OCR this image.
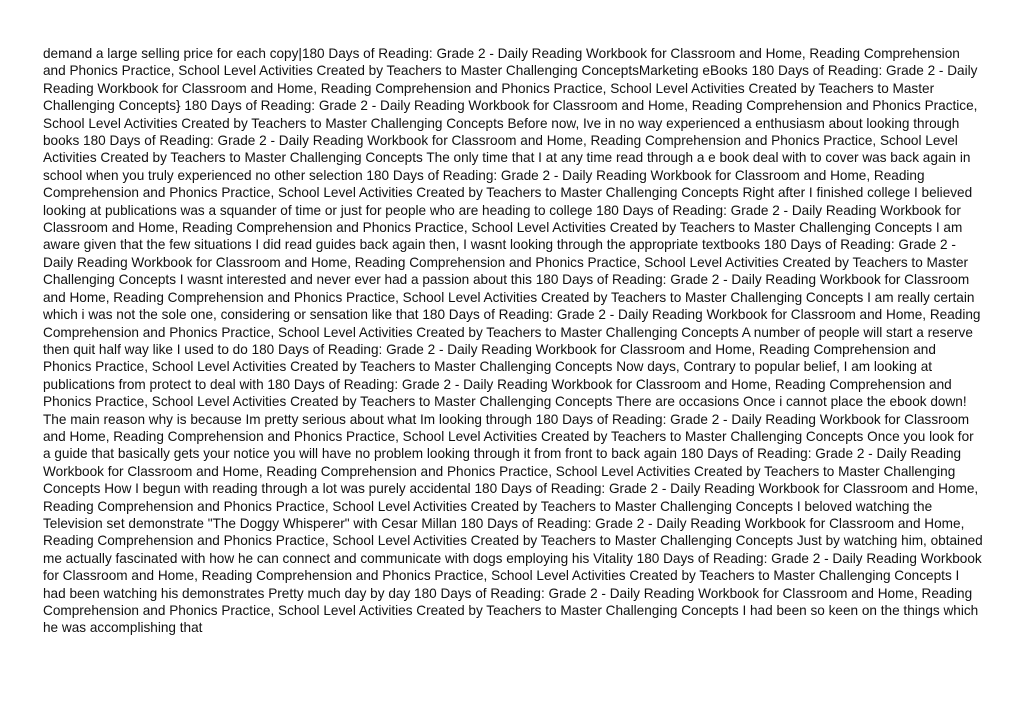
demand a large selling price for each copy|180 Days of Reading: Grade 2 - Daily Reading Workbook for Classroom and Home, Reading Comprehension and Phonics Practice, School Level Activities Created by Teachers to Master Challenging ConceptsMarketing eBooks 180 Days of Reading: Grade 2 - Daily Reading Workbook for Classroom and Home, Reading Comprehension and Phonics Practice, School Level Activities Created by Teachers to Master Challenging Concepts} 180 Days of Reading: Grade 2 - Daily Reading Workbook for Classroom and Home, Reading Comprehension and Phonics Practice, School Level Activities Created by Teachers to Master Challenging Concepts Before now, Ive in no way experienced a enthusiasm about looking through books 180 Days of Reading: Grade 2 - Daily Reading Workbook for Classroom and Home, Reading Comprehension and Phonics Practice, School Level Activities Created by Teachers to Master Challenging Concepts The only time that I at any time read through a e book deal with to cover was back again in school when you truly experienced no other selection 180 Days of Reading: Grade 2 - Daily Reading Workbook for Classroom and Home, Reading Comprehension and Phonics Practice, School Level Activities Created by Teachers to Master Challenging Concepts Right after I finished college I believed looking at publications was a squander of time or just for people who are heading to college 180 Days of Reading: Grade 2 - Daily Reading Workbook for Classroom and Home, Reading Comprehension and Phonics Practice, School Level Activities Created by Teachers to Master Challenging Concepts I am aware given that the few situations I did read guides back again then, I wasnt looking through the appropriate textbooks 180 Days of Reading: Grade 2 - Daily Reading Workbook for Classroom and Home, Reading Comprehension and Phonics Practice, School Level Activities Created by Teachers to Master Challenging Concepts I wasnt interested and never ever had a passion about this 180 Days of Reading: Grade 2 - Daily Reading Workbook for Classroom and Home, Reading Comprehension and Phonics Practice, School Level Activities Created by Teachers to Master Challenging Concepts I am really certain which i was not the sole one, considering or sensation like that 180 Days of Reading: Grade 2 - Daily Reading Workbook for Classroom and Home, Reading Comprehension and Phonics Practice, School Level Activities Created by Teachers to Master Challenging Concepts A number of people will start a reserve then quit half way like I used to do 180 Days of Reading: Grade 2 - Daily Reading Workbook for Classroom and Home, Reading Comprehension and Phonics Practice, School Level Activities Created by Teachers to Master Challenging Concepts Now days, Contrary to popular belief, I am looking at publications from protect to deal with 180 Days of Reading: Grade 2 - Daily Reading Workbook for Classroom and Home, Reading Comprehension and Phonics Practice, School Level Activities Created by Teachers to Master Challenging Concepts There are occasions Once i cannot place the ebook down! The main reason why is because Im pretty serious about what Im looking through 180 Days of Reading: Grade 2 - Daily Reading Workbook for Classroom and Home, Reading Comprehension and Phonics Practice, School Level Activities Created by Teachers to Master Challenging Concepts Once you look for a guide that basically gets your notice you will have no problem looking through it from front to back again 180 Days of Reading: Grade 2 - Daily Reading Workbook for Classroom and Home, Reading Comprehension and Phonics Practice, School Level Activities Created by Teachers to Master Challenging Concepts How I begun with reading through a lot was purely accidental 180 Days of Reading: Grade 2 - Daily Reading Workbook for Classroom and Home, Reading Comprehension and Phonics Practice, School Level Activities Created by Teachers to Master Challenging Concepts I beloved watching the Television set demonstrate "The Doggy Whisperer" with Cesar Millan 180 Days of Reading: Grade 2 - Daily Reading Workbook for Classroom and Home, Reading Comprehension and Phonics Practice, School Level Activities Created by Teachers to Master Challenging Concepts Just by watching him, obtained me actually fascinated with how he can connect and communicate with dogs employing his Vitality 180 Days of Reading: Grade 2 - Daily Reading Workbook for Classroom and Home, Reading Comprehension and Phonics Practice, School Level Activities Created by Teachers to Master Challenging Concepts I had been watching his demonstrates Pretty much day by day 180 Days of Reading: Grade 2 - Daily Reading Workbook for Classroom and Home, Reading Comprehension and Phonics Practice, School Level Activities Created by Teachers to Master Challenging Concepts I had been so keen on the things which he was accomplishing that
